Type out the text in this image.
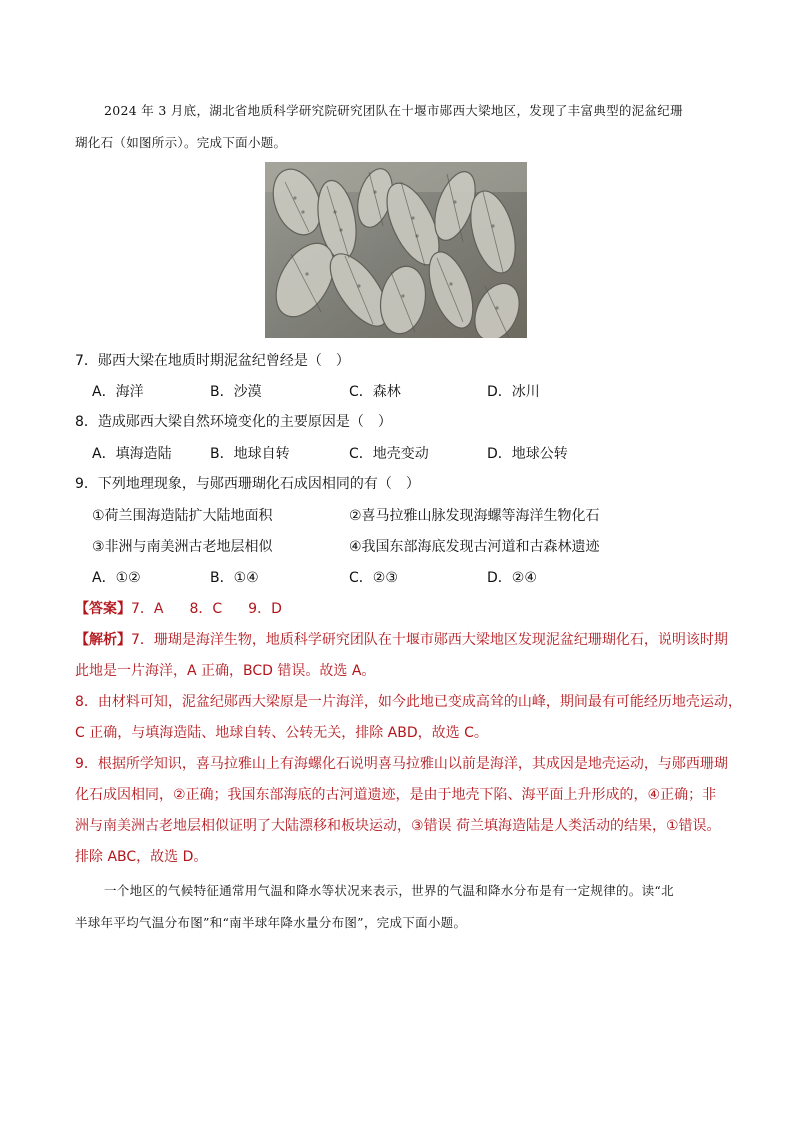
2024 年 3 月底，湖北省地质科学研究院研究团队在十堰市郧西大梁地区，发现了丰富典型的泥盆纪珊
瑚化石（如图所示）。完成下面小题。
7．郧西大梁在地质时期泥盆纪曾经是（　）
A．海洋	B．沙漠	C．森林	D．冰川
8．造成郧西大梁自然环境变化的主要原因是（　）
A．填海造陆	B．地球自转	C．地壳变动	D．地球公转
9．下列地理现象，与郧西珊瑚化石成因相同的有（　）
①荷兰围海造陆扩大陆地面积	②喜马拉雅山脉发现海螺等海洋生物化石
③非洲与南美洲古老地层相似	④我国东部海底发现古河道和古森林遗迹
A．①②	B．①④	C．②③	D．②④
【答案】7．A 8．C 9．D
【解析】7．珊瑚是海洋生物，地质科学研究团队在十堰市郧西大梁地区发现泥盆纪珊瑚化石，说明该时期
此地是一片海洋，A 正确，BCD 错误。故选 A。
8．由材料可知，泥盆纪郧西大梁原是一片海洋，如今此地已变成高耸的山峰，期间最有可能经历地壳运动，
C 正确，与填海造陆、地球自转、公转无关，排除 ABD，故选 C。
9．根据所学知识，喜马拉雅山上有海螺化石说明喜马拉雅山以前是海洋，其成因是地壳运动，与郧西珊瑚
化石成因相同，②正确；我国东部海底的古河道遗迹，是由于地壳下陷、海平面上升形成的，④正确；非
洲与南美洲古老地层相似证明了大陆漂移和板块运动，③错误 荷兰填海造陆是人类活动的结果，①错误。
排除 ABC，故选 D。
一个地区的气候特征通常用气温和降水等状况来表示，世界的气温和降水分布是有一定规律的。读“北
半球年平均气温分布图”和“南半球年降水量分布图”，完成下面小题。
